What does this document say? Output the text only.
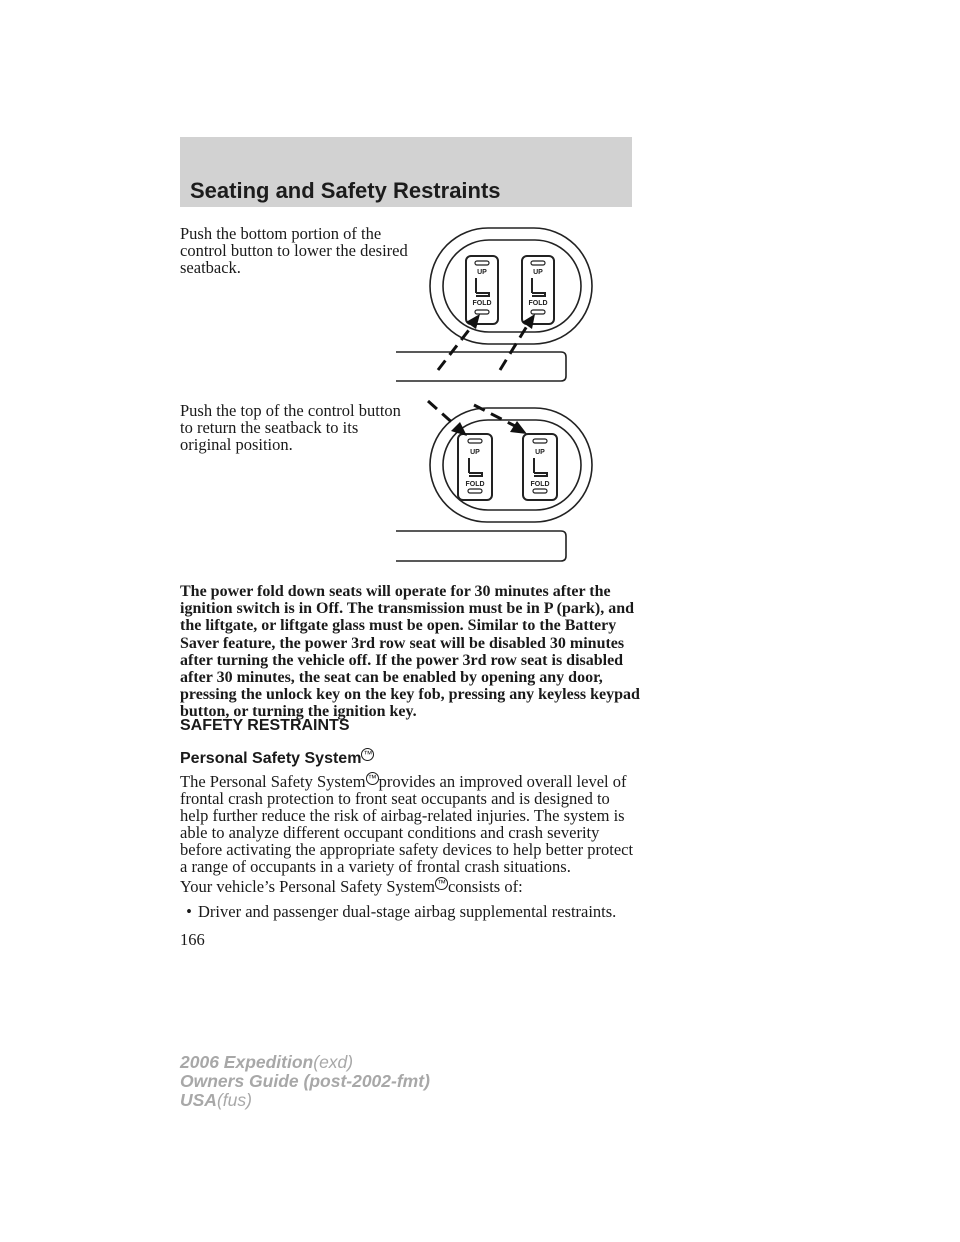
Seating and Safety Restraints
Push the bottom portion of the control button to lower the desired seatback.	UP
FOLD
UP
FOLD
Push the top of the control button to return the seatback to its original position.	UP
FOLD
UP
FOLD
The power fold down seats will operate for 30 minutes after the ignition switch is in Off. The transmission must be in P (park), and the liftgate, or liftgate glass must be open. Similar to the Battery Saver feature, the power 3rd row seat will be disabled 30 minutes after turning the vehicle off. If the power 3rd row seat is disabled after 30 minutes, the seat can be enabled by opening any door, pressing the unlock key on the key fob, pressing any keyless keypad button, or turning the ignition key.
SAFETY RESTRAINTS
Personal Safety System ™
The Personal Safety System ™ provides an improved overall level of frontal crash protection to front seat occupants and is designed to help further reduce the risk of airbag-related injuries. The system is able to analyze different occupant conditions and crash severity before activating the appropriate safety devices to help better protect a range of occupants in a variety of frontal crash situations.
Your vehicle’s Personal Safety System ™ consists of:
• Driver and passenger dual-stage airbag supplemental restraints.
166
2006 Expedition(exd)
Owners Guide (post-2002-fmt)
USA(fus)
